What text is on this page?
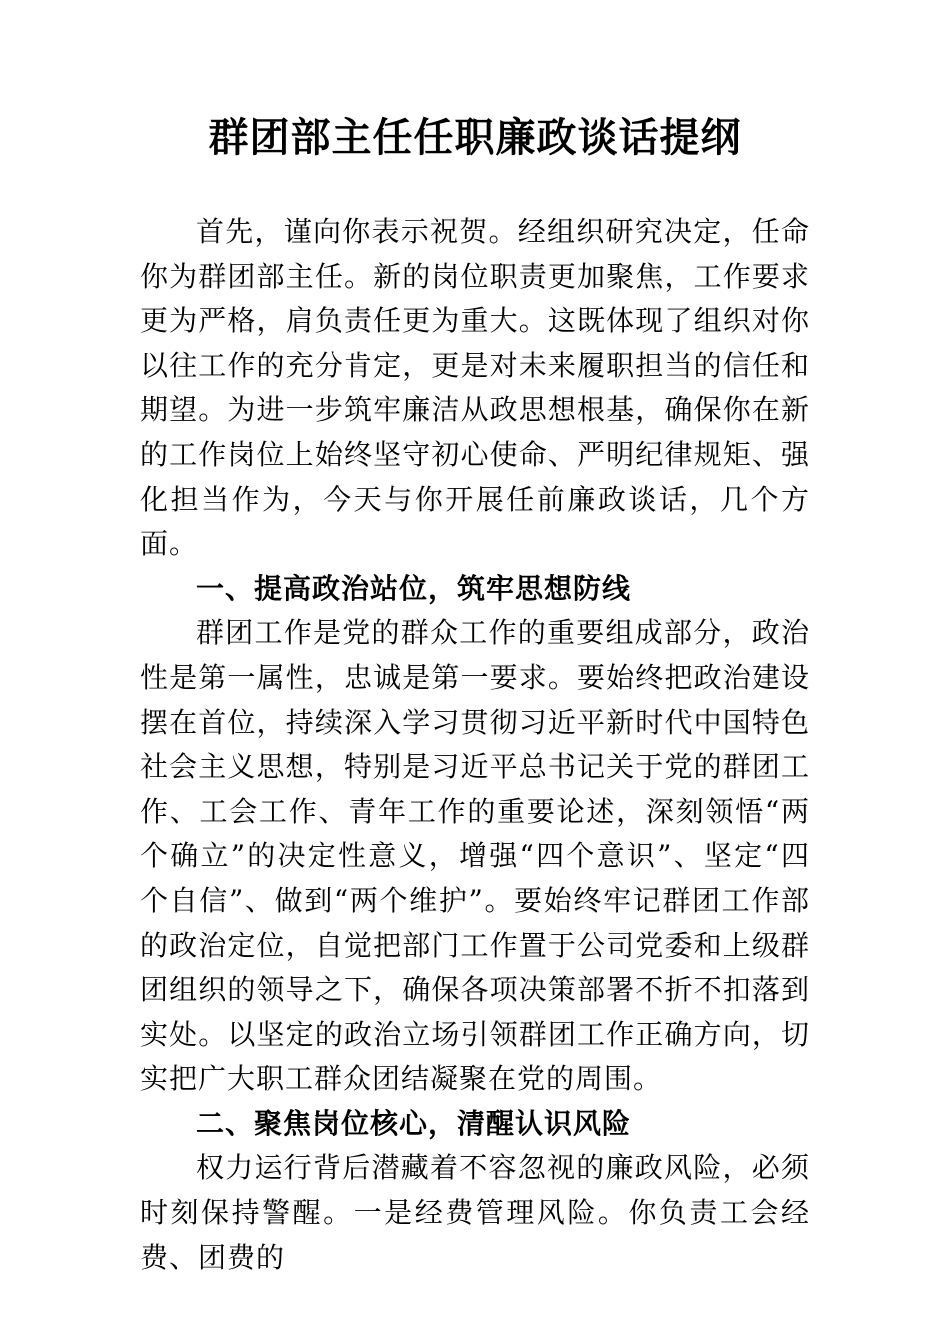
群团部主任任职廉政谈话提纲

首先，谨向你表示祝贺。经组织研究决定，任命你为群团部主任。新的岗位职责更加聚焦，工作要求更为严格，肩负责任更为重大。这既体现了组织对你以往工作的充分肯定，更是对未来履职担当的信任和期望。为进一步筑牢廉洁从政思想根基，确保你在新的工作岗位上始终坚守初心使命、严明纪律规矩、强化担当作为，今天与你开展任前廉政谈话，几个方面。

一、提高政治站位，筑牢思想防线

群团工作是党的群众工作的重要组成部分，政治性是第一属性，忠诚是第一要求。要始终把政治建设摆在首位，持续深入学习贯彻习近平新时代中国特色社会主义思想，特别是习近平总书记关于党的群团工作、工会工作、青年工作的重要论述，深刻领悟“两个确立”的决定性意义，增强“四个意识”、坚定“四个自信”、做到“两个维护”。要始终牢记群团工作部的政治定位，自觉把部门工作置于公司党委和上级群团组织的领导之下，确保各项决策部署不折不扣落到实处。以坚定的政治立场引领群团工作正确方向，切实把广大职工群众团结凝聚在党的周围。

二、聚焦岗位核心，清醒认识风险

权力运行背后潜藏着不容忽视的廉政风险，必须时刻保持警醒。一是经费管理风险。你负责工会经费、团费的
